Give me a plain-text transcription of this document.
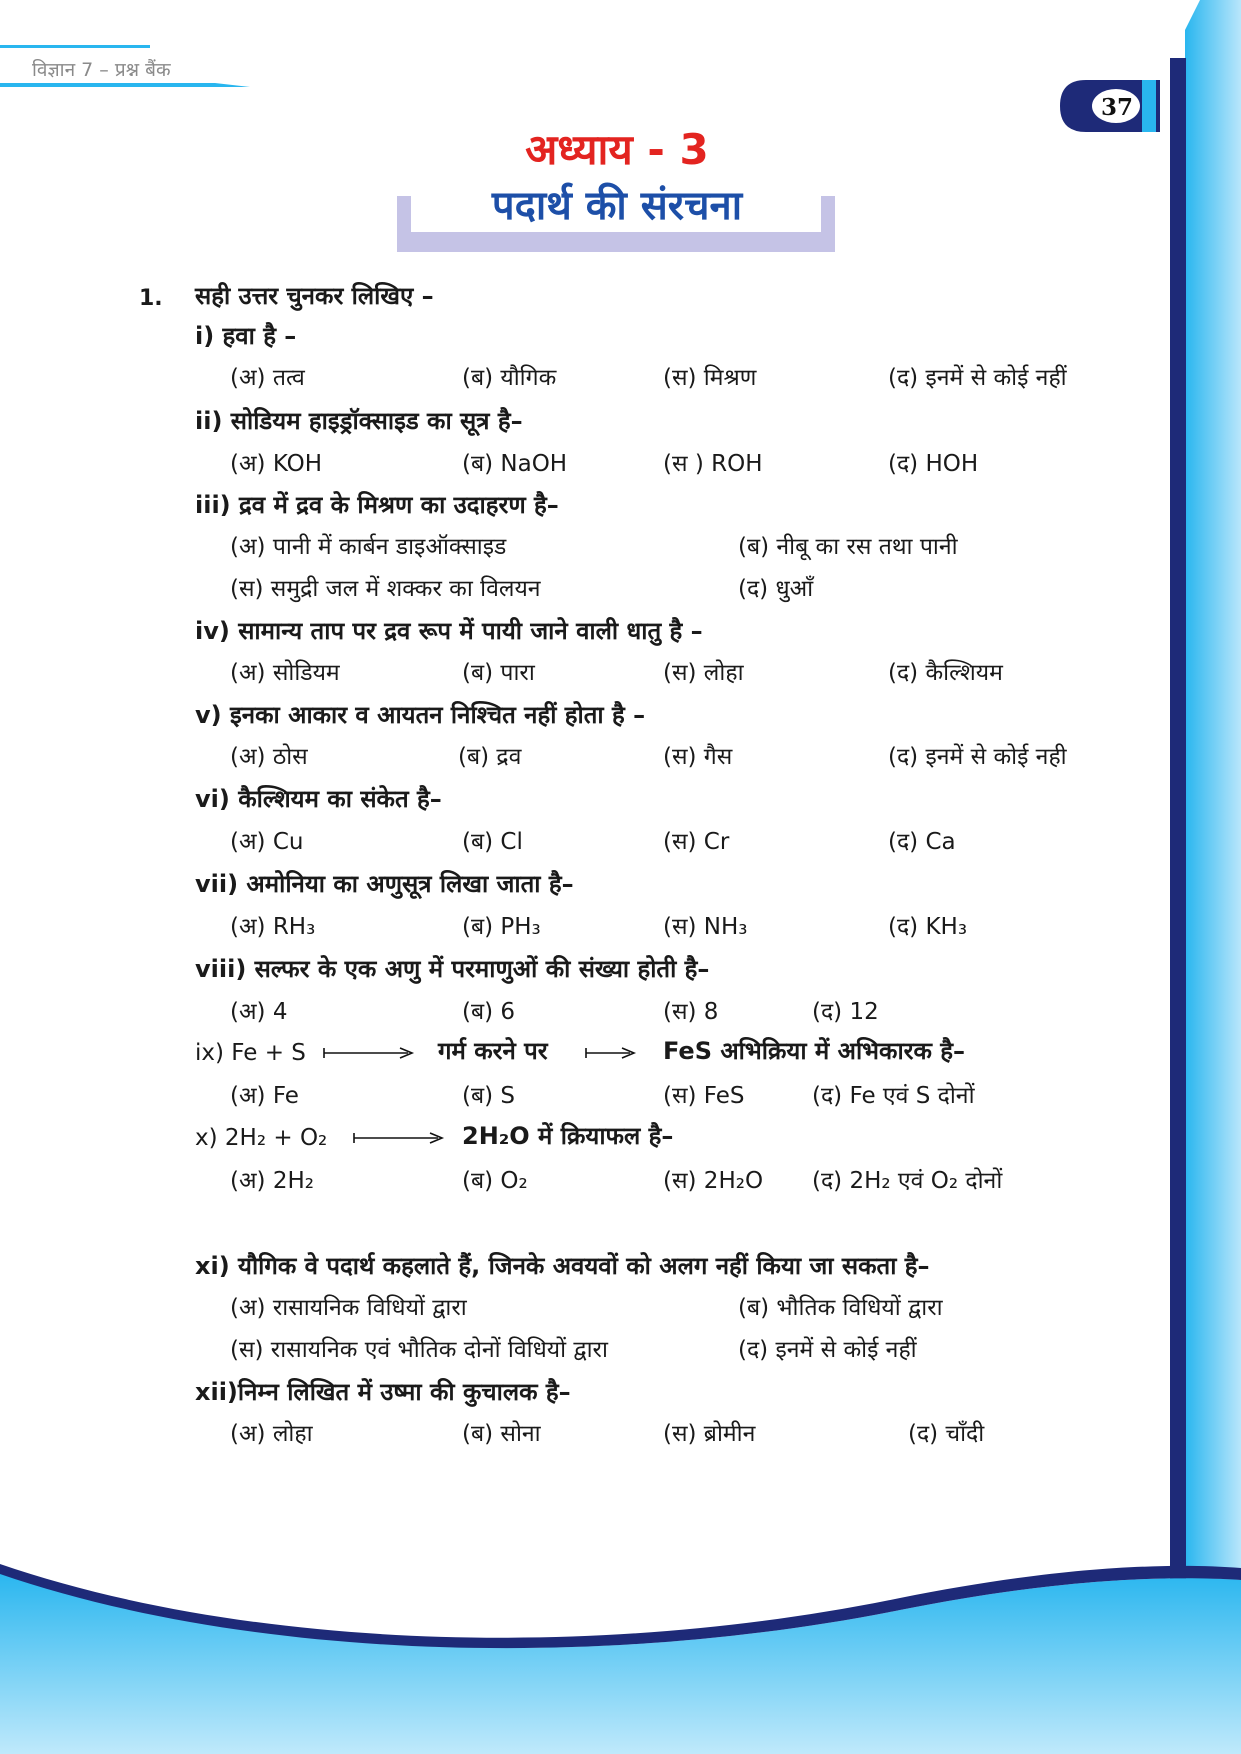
विज्ञान 7 – प्रश्न बैंक
37
अध्याय - 3
पदार्थ की संरचना
1. सही उत्तर चुनकर लिखिए –
i) हवा है –
(अ) तत्व	(ब) यौगिक	(स) मिश्रण	(द) इनमें से कोई नहीं
ii) सोडियम हाइड्रॉक्साइड का सूत्र है–
(अ) KOH	(ब) NaOH	(स ) ROH	(द) HOH
iii) द्रव में द्रव के मिश्रण का उदाहरण है–
(अ) पानी में कार्बन डाइऑक्साइड	(ब) नीबू का रस तथा पानी
(स) समुद्री जल में शक्कर का विलयन	(द) धुआँ
iv) सामान्य ताप पर द्रव रूप में पायी जाने वाली धातु है –
(अ) सोडियम	(ब) पारा	(स) लोहा	(द) कैल्शियम
v) इनका आकार व आयतन निश्चित नहीं होता है –
(अ) ठोस	(ब) द्रव	(स) गैस	(द) इनमें से कोई नही
vi) कैल्शियम का संकेत है–
(अ) Cu	(ब) Cl	(स) Cr	(द) Ca
vii) अमोनिया का अणुसूत्र लिखा जाता है–
(अ) RH₃	(ब) PH₃	(स) NH₃	(द) KH₃
viii) सल्फर के एक अणु में परमाणुओं की संख्या होती है–
(अ) 4	(ब) 6	(स) 8	(द) 12
ix) Fe + S	गर्म करने पर	FeS अभिक्रिया में अभिकारक है–
(अ) Fe	(ब) S	(स) FeS	(द) Fe एवं S दोनों
x) 2H₂ + O₂	2H₂O में क्रियाफल है–
(अ) 2H₂	(ब) O₂	(स) 2H₂O (द) 2H₂ एवं O₂ दोनों
xi) यौगिक वे पदार्थ कहलाते हैं, जिनके अवयवों को अलग नहीं किया जा सकता है–
(अ) रासायनिक विधियों द्वारा	(ब) भौतिक विधियों द्वारा
(स) रासायनिक एवं भौतिक दोनों विधियों द्वारा	(द) इनमें से कोई नहीं
xii)निम्न लिखित में उष्मा की कुचालक है–
(अ) लोहा	(ब) सोना	(स) ब्रोमीन	(द) चाँदी
